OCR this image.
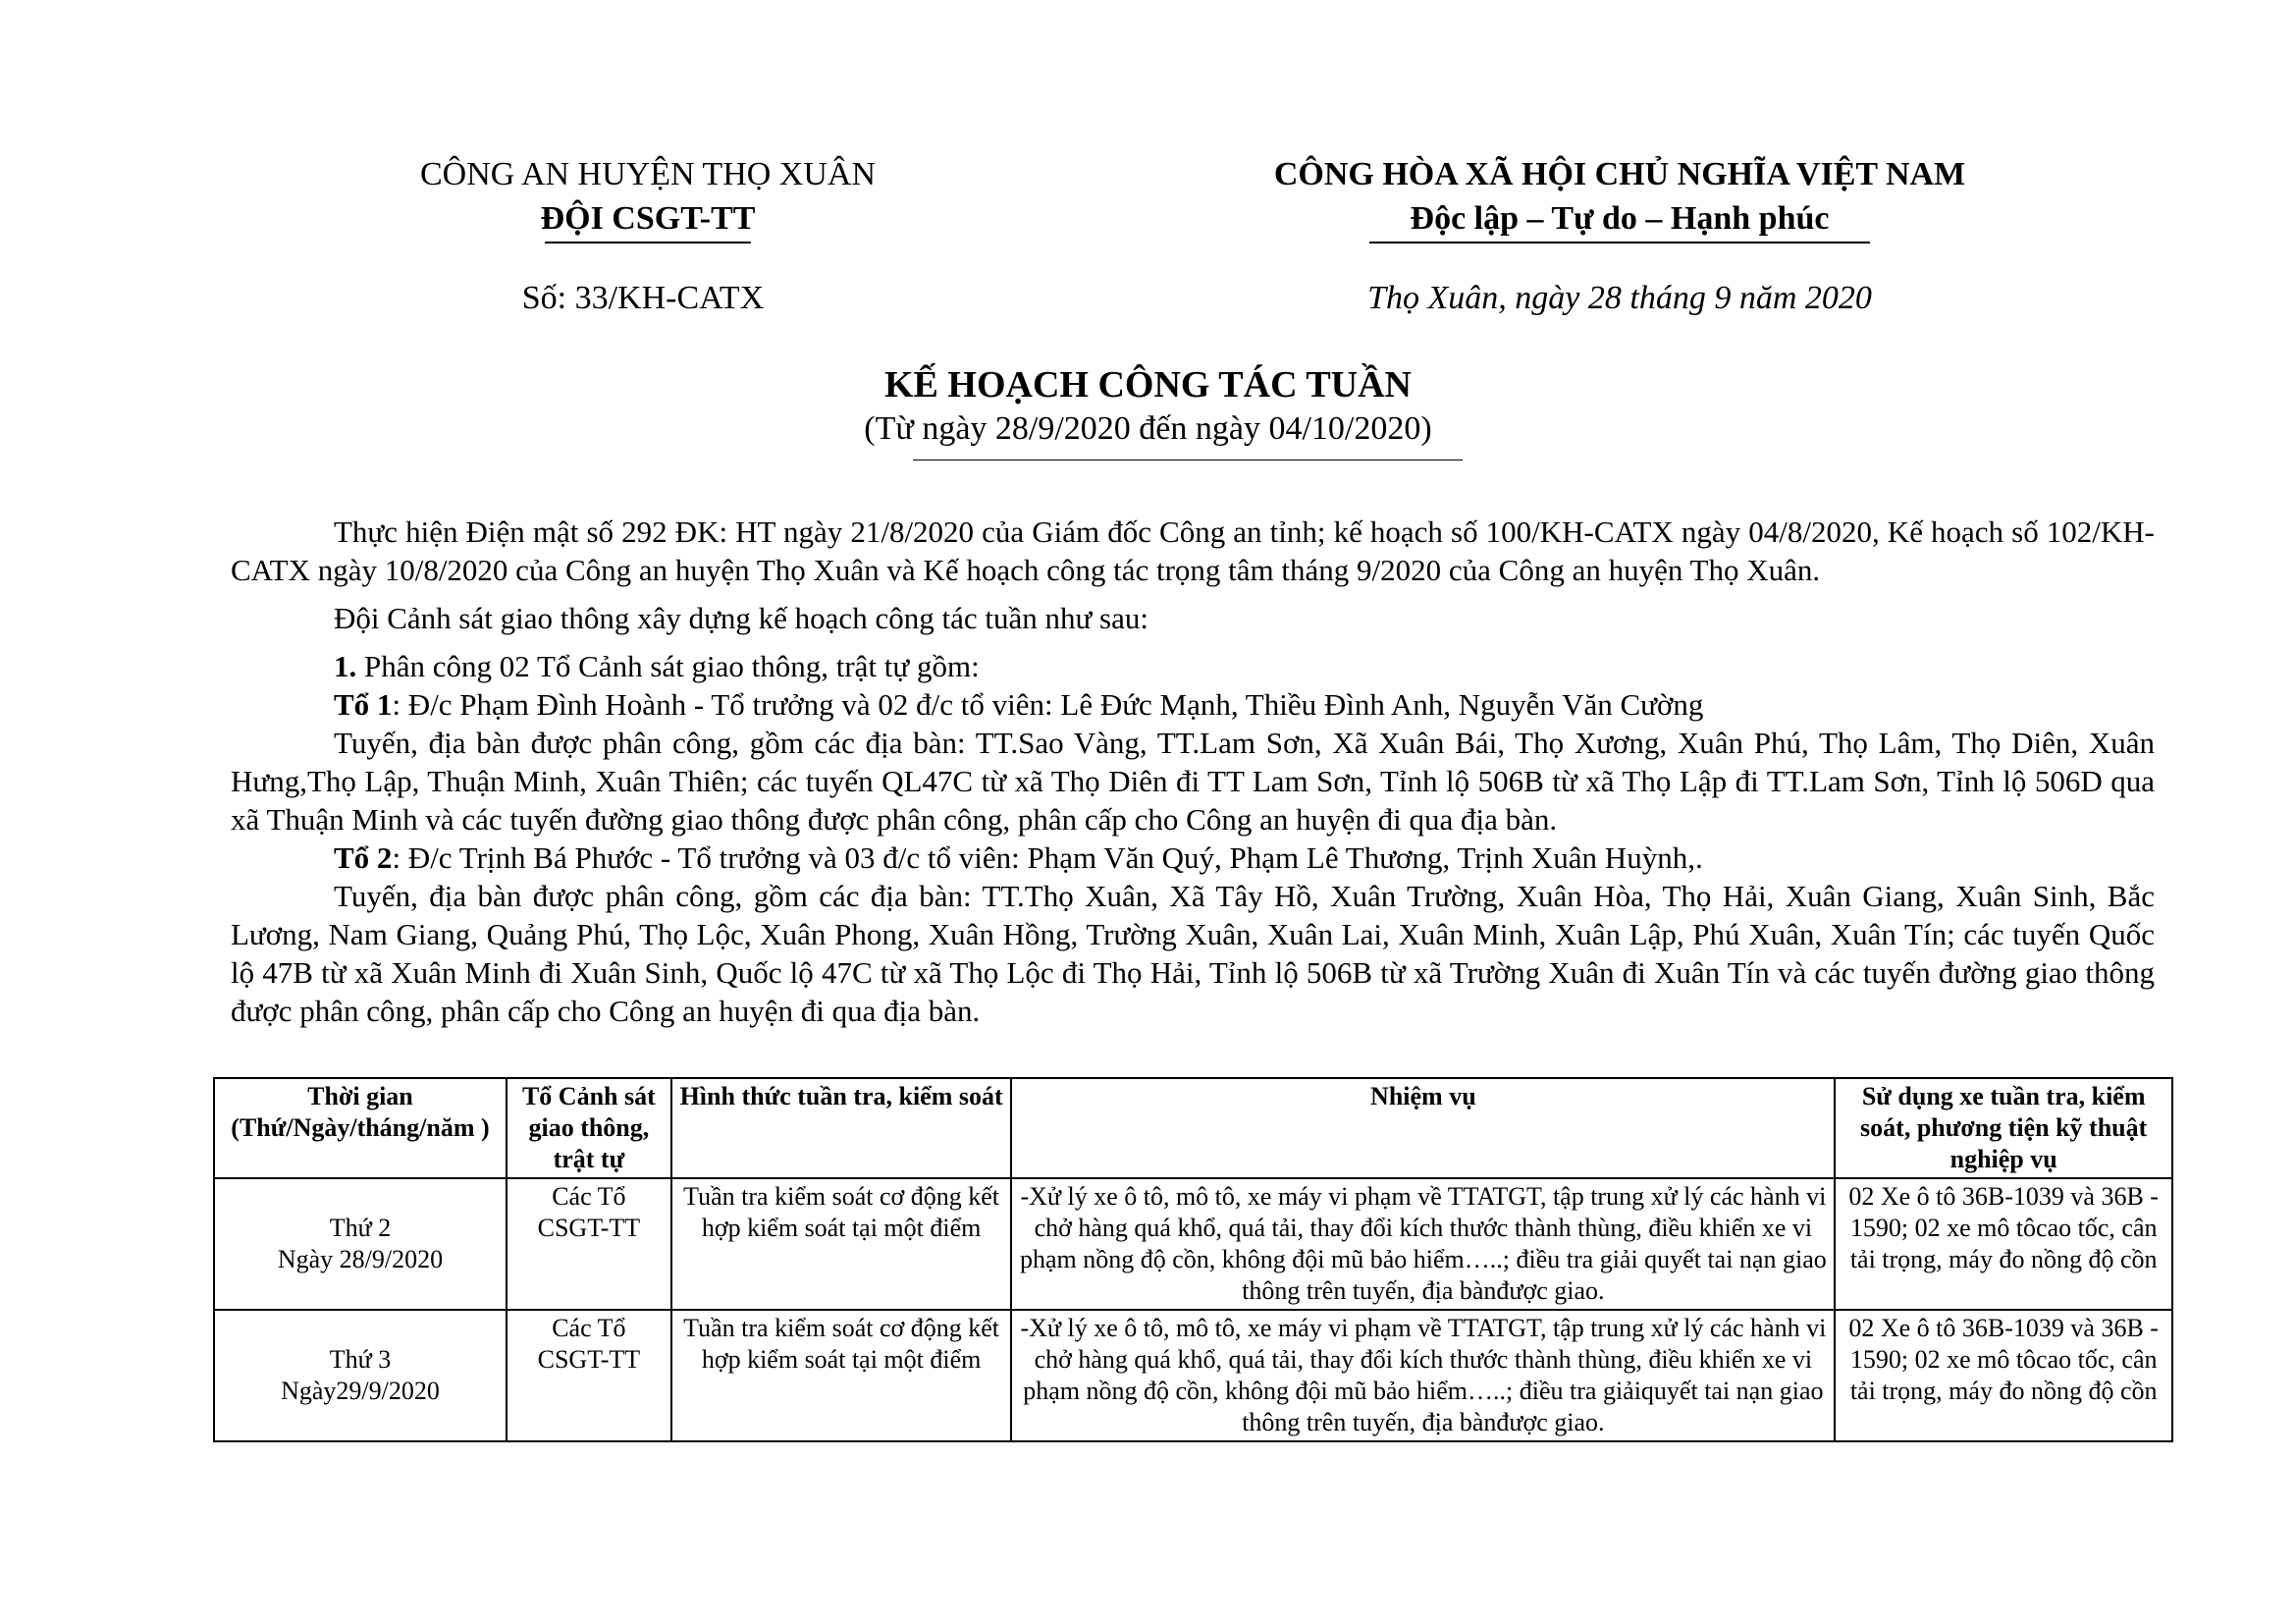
CÔNG AN HUYỆN THỌ XUÂN
ĐỘI CSGT-TT
CÔNG HÒA XÃ HỘI CHỦ NGHĨA VIỆT NAM
Độc lập – Tự do – Hạnh phúc
Số: 33/KH-CATX	Thọ Xuân, ngày 28 tháng 9 năm 2020
KẾ HOẠCH CÔNG TÁC TUẦN
(Từ ngày 28/9/2020 đến ngày 04/10/2020)

Thực hiện Điện mật số 292 ĐK: HT ngày 21/8/2020 của Giám đốc Công an tỉnh; kế hoạch số 100/KH-CATX ngày 04/8/2020, Kế hoạch số 102/KH-CATX ngày 10/8/2020 của Công an huyện Thọ Xuân và Kế hoạch công tác trọng tâm tháng 9/2020 của Công an huyện Thọ Xuân.

Đội Cảnh sát giao thông xây dựng kế hoạch công tác tuần như sau:

1. Phân công 02 Tổ Cảnh sát giao thông, trật tự gồm:

Tổ 1: Đ/c Phạm Đình Hoành - Tổ trưởng và 02 đ/c tổ viên: Lê Đức Mạnh, Thiều Đình Anh, Nguyễn Văn Cường

Tuyến, địa bàn được phân công, gồm các địa bàn: TT.Sao Vàng, TT.Lam Sơn, Xã Xuân Bái, Thọ Xương, Xuân Phú, Thọ Lâm, Thọ Diên, Xuân Hưng,Thọ Lập, Thuận Minh, Xuân Thiên; các tuyến QL47C từ xã Thọ Diên đi TT Lam Sơn, Tỉnh lộ 506B từ xã Thọ Lập đi TT.Lam Sơn, Tỉnh lộ 506D qua xã Thuận Minh và các tuyến đường giao thông được phân công, phân cấp cho Công an huyện đi qua địa bàn.

Tổ 2: Đ/c Trịnh Bá Phước - Tổ trưởng và 03 đ/c tổ viên: Phạm Văn Quý, Phạm Lê Thương, Trịnh Xuân Huỳnh,.

Tuyến, địa bàn được phân công, gồm các địa bàn: TT.Thọ Xuân, Xã Tây Hồ, Xuân Trường, Xuân Hòa, Thọ Hải, Xuân Giang, Xuân Sinh, Bắc Lương, Nam Giang, Quảng Phú, Thọ Lộc, Xuân Phong, Xuân Hồng, Trường Xuân, Xuân Lai, Xuân Minh, Xuân Lập, Phú Xuân, Xuân Tín; các tuyến Quốc lộ 47B từ xã Xuân Minh đi Xuân Sinh, Quốc lộ 47C từ xã Thọ Lộc đi Thọ Hải, Tỉnh lộ 506B từ xã Trường Xuân đi Xuân Tín và các tuyến đường giao thông được phân công, phân cấp cho Công an huyện đi qua địa bàn.

Thời gian (Thứ/Ngày/tháng/năm )	Tổ Cảnh sát giao thông, trật tự	Hình thức tuần tra, kiểm soát	Nhiệm vụ	Sử dụng xe tuần tra, kiểm soát, phương tiện kỹ thuật nghiệp vụ

Thứ 2
Ngày 28/9/2020	Các Tổ CSGT-TT	Tuần tra kiểm soát cơ động kết hợp kiểm soát tại một điểm	-Xử lý xe ô tô, mô tô, xe máy vi phạm về TTATGT, tập trung xử lý các hành vi chở hàng quá khổ, quá tải, thay đổi kích thước thành thùng, điều khiển xe vi phạm nồng độ cồn, không đội mũ bảo hiểm…..; điều tra giải quyết tai nạn giao thông trên tuyến, địa bànđược giao.	02 Xe ô tô 36B-1039 và 36B - 1590; 02 xe mô tôcao tốc, cân tải trọng, máy đo nồng độ cồn

Thứ 3
Ngày29/9/2020	Các Tổ CSGT-TT	Tuần tra kiểm soát cơ động kết hợp kiểm soát tại một điểm	-Xử lý xe ô tô, mô tô, xe máy vi phạm về TTATGT, tập trung xử lý các hành vi chở hàng quá khổ, quá tải, thay đổi kích thước thành thùng, điều khiển xe vi phạm nồng độ cồn, không đội mũ bảo hiểm…..; điều tra giảiquyết tai nạn giao thông trên tuyến, địa bànđược giao.	02 Xe ô tô 36B-1039 và 36B - 1590; 02 xe mô tôcao tốc, cân tải trọng, máy đo nồng độ cồn
